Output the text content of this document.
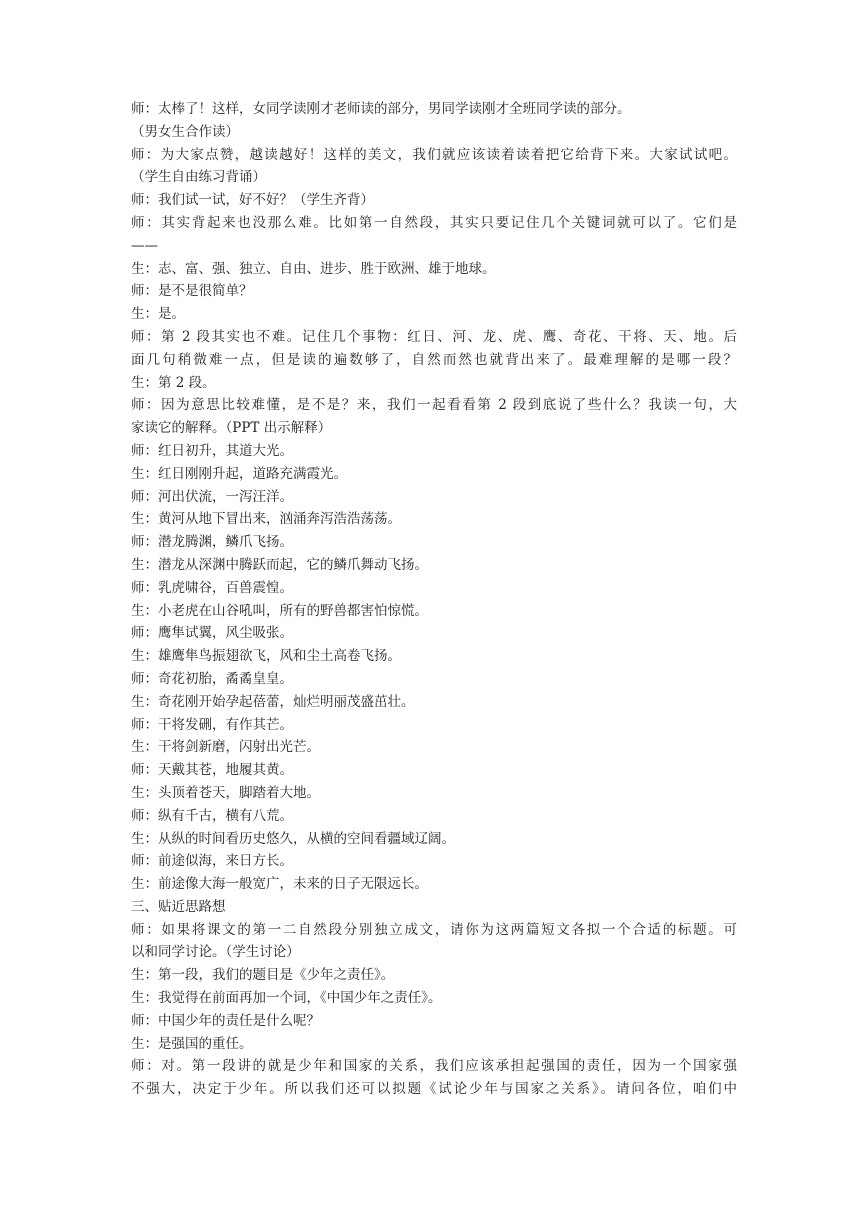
师：太棒了！这样，女同学读刚才老师读的部分，男同学读刚才全班同学读的部分。
（男女生合作读）
师：为大家点赞，越读越好！这样的美文，我们就应该读着读着把它给背下来。大家试试吧。
（学生自由练习背诵）
师：我们试一试，好不好？（学生齐背）
师：其实背起来也没那么难。比如第一自然段，其实只要记住几个关键词就可以了。它们是
——
生：志、富、强、独立、自由、进步、胜于欧洲、雄于地球。
师：是不是很简单？
生：是。
师：第 2 段其实也不难。记住几个事物：红日、河、龙、虎、鹰、奇花、干将、天、地。后
面几句稍微难一点，但是读的遍数够了，自然而然也就背出来了。最难理解的是哪一段？
生：第 2 段。
师：因为意思比较难懂，是不是？来，我们一起看看第 2 段到底说了些什么？我读一句，大
家读它的解释。（PPT 出示解释）
师：红日初升，其道大光。
生：红日刚刚升起，道路充满霞光。
师：河出伏流，一泻汪洋。
生：黄河从地下冒出来，汹涌奔泻浩浩荡荡。
师：潜龙腾渊，鳞爪飞扬。
生：潜龙从深渊中腾跃而起，它的鳞爪舞动飞扬。
师：乳虎啸谷，百兽震惶。
生：小老虎在山谷吼叫，所有的野兽都害怕惊慌。
师：鹰隼试翼，风尘吸张。
生：雄鹰隼鸟振翅欲飞，风和尘土高卷飞扬。
师：奇花初胎，矞矞皇皇。
生：奇花刚开始孕起蓓蕾，灿烂明丽茂盛茁壮。
师：干将发硎，有作其芒。
生：干将剑新磨，闪射出光芒。
师：天戴其苍，地履其黄。
生：头顶着苍天，脚踏着大地。
师：纵有千古，横有八荒。
生：从纵的时间看历史悠久，从横的空间看疆域辽阔。
师：前途似海，来日方长。
生：前途像大海一般宽广，未来的日子无限远长。
三、贴近思路想
师：如果将课文的第一二自然段分别独立成文，请你为这两篇短文各拟一个合适的标题。可
以和同学讨论。（学生讨论）
生：第一段，我们的题目是《少年之责任》。
生：我觉得在前面再加一个词，《中国少年之责任》。
师：中国少年的责任是什么呢？
生：是强国的重任。
师：对。第一段讲的就是少年和国家的关系，我们应该承担起强国的责任，因为一个国家强
不强大，决定于少年。所以我们还可以拟题《试论少年与国家之关系》。请问各位，咱们中
